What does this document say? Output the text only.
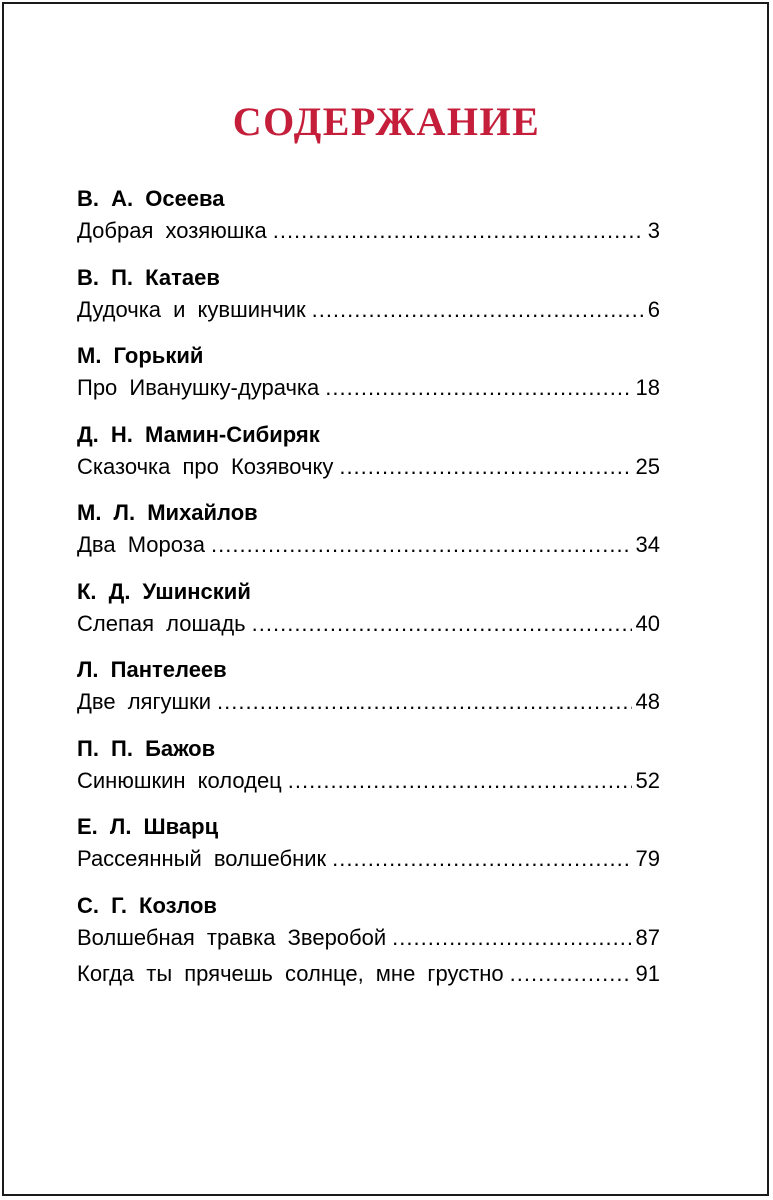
СОДЕРЖАНИЕ
В. А. Осеева
Добрая хозяюшка .....	3
В. П. Катаев
Дудочка и кувшинчик .....	6
М. Горький
Про Иванушку-дурачка .....	18
Д. Н. Мамин-Сибиряк
Сказочка про Козявочку .....	25
М. Л. Михайлов
Два Мороза .....	34
К. Д. Ушинский
Слепая лошадь .....	40
Л. Пантелеев
Две лягушки .....	48
П. П. Бажов
Синюшкин колодец .....	52
Е. Л. Шварц
Рассеянный волшебник .....	79
С. Г. Козлов
Волшебная травка Зверобой .....	87
Когда ты прячешь солнце, мне грустно .....	91
